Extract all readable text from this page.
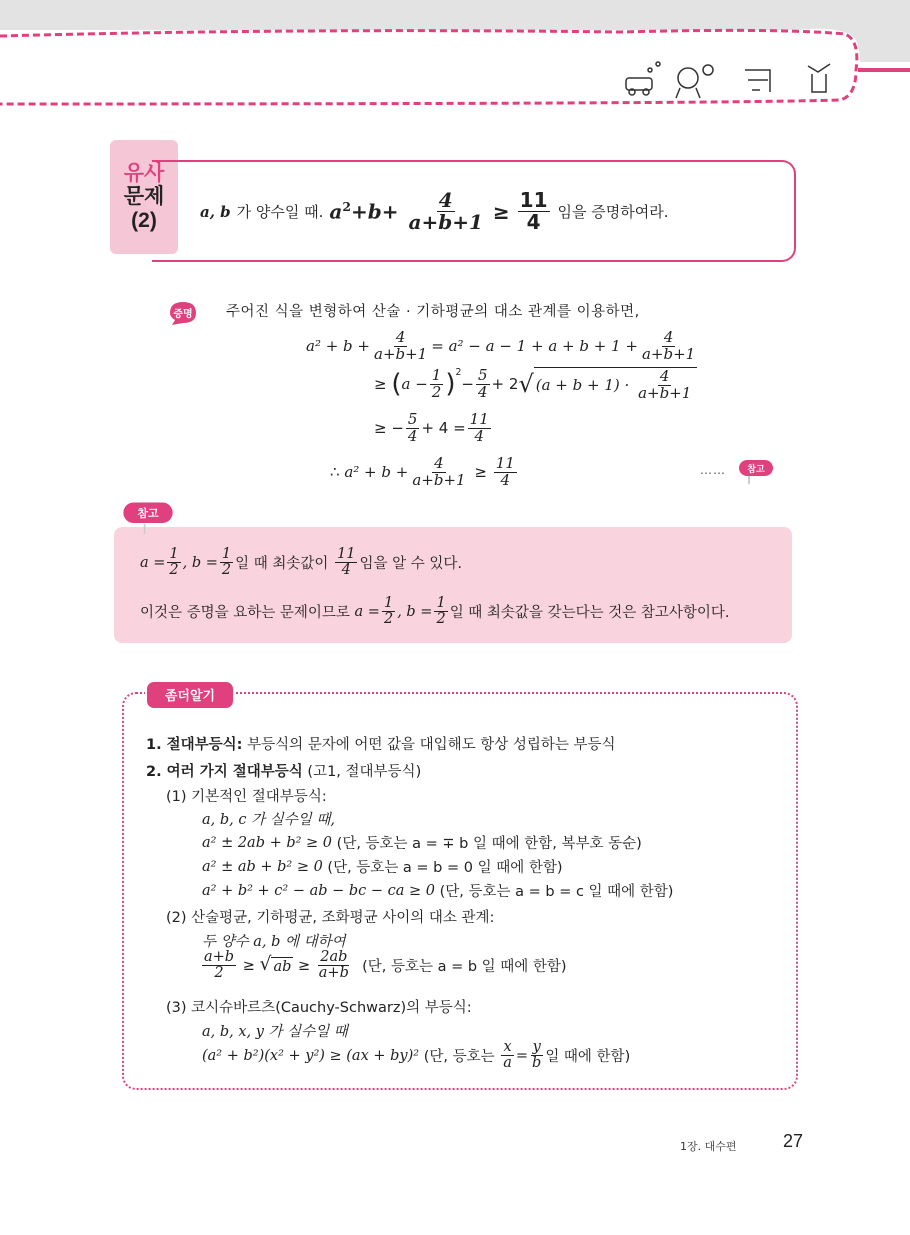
유사
문제
(2)	a, b 가 양수일 때. $a^2+b+ \frac{4}{a+b+1} \ge \frac{11}{4}$ 임을 증명하여라.
증명 주어진 식을 변형하여 산술 · 기하평균의 대소 관계를 이용하면,
$a^2 + b + \frac{4}{a+b+1} = a^2 - a - 1 + a + b + 1 + \frac{4}{a+b+1}$
≥
( $a - \frac{1}{2}$ ) 2
− $\frac{5}{4} + 2$ √ (a + b + 1) ·
$\frac{4}{a+b+1}$
≥ − $\frac{5}{4} + 4 = \frac{11}{4}$
∴
$a^2 + b + \frac{4}{a+b+1}$
≥
$\frac{11}{4}$	…… 참고
참고
$a = \frac{1}{2}$ , $b = \frac{1}{2}$ 일 때 최솟값이
$\frac{11}{4}$ 임을 알 수 있다.
이것은 증명을 요하는 문제이므로
$a = \frac{1}{2}$ , $b = \frac{1}{2}$ 일 때 최솟값을 갖는다는 것은 참고사항이다.
좀더알기
1. 절대부등식:
부등식의 문자에 어떤 값을 대입해도 항상 성립하는 부등식
2. 여러 가지 절대부등식
(고1, 절대부등식)
(1) 기본적인 절대부등식:
a, b, c 가 실수일 때,
a² ± 2ab + b² ≥ 0
(단, 등호는 a = ∓ b 일 때에 한함, 복부호 동순)
a² ± ab + b² ≥ 0
(단, 등호는 a = b = 0 일 때에 한함)
a² + b² + c² − ab − bc − ca ≥ 0
(단, 등호는 a = b = c 일 때에 한함)
(2) 산술평균, 기하평균, 조화평균 사이의 대소 관계:
두 양수 a, b 에 대하여
$\frac{a+b}{2}$
≥
√ ab
≥
$\frac{2ab}{a+b}$
(단, 등호는 a = b 일 때에 한함)
(3) 코시슈바르츠(Cauchy-Schwarz)의 부등식:
a, b, x, y 가 실수일 때
(a² + b²)(x² + y²) ≥ (ax + by)²
(단, 등호는
$\frac{x}{a} = \frac{y}{b}$ 일 때에 한함)
1장. 대수편	27
